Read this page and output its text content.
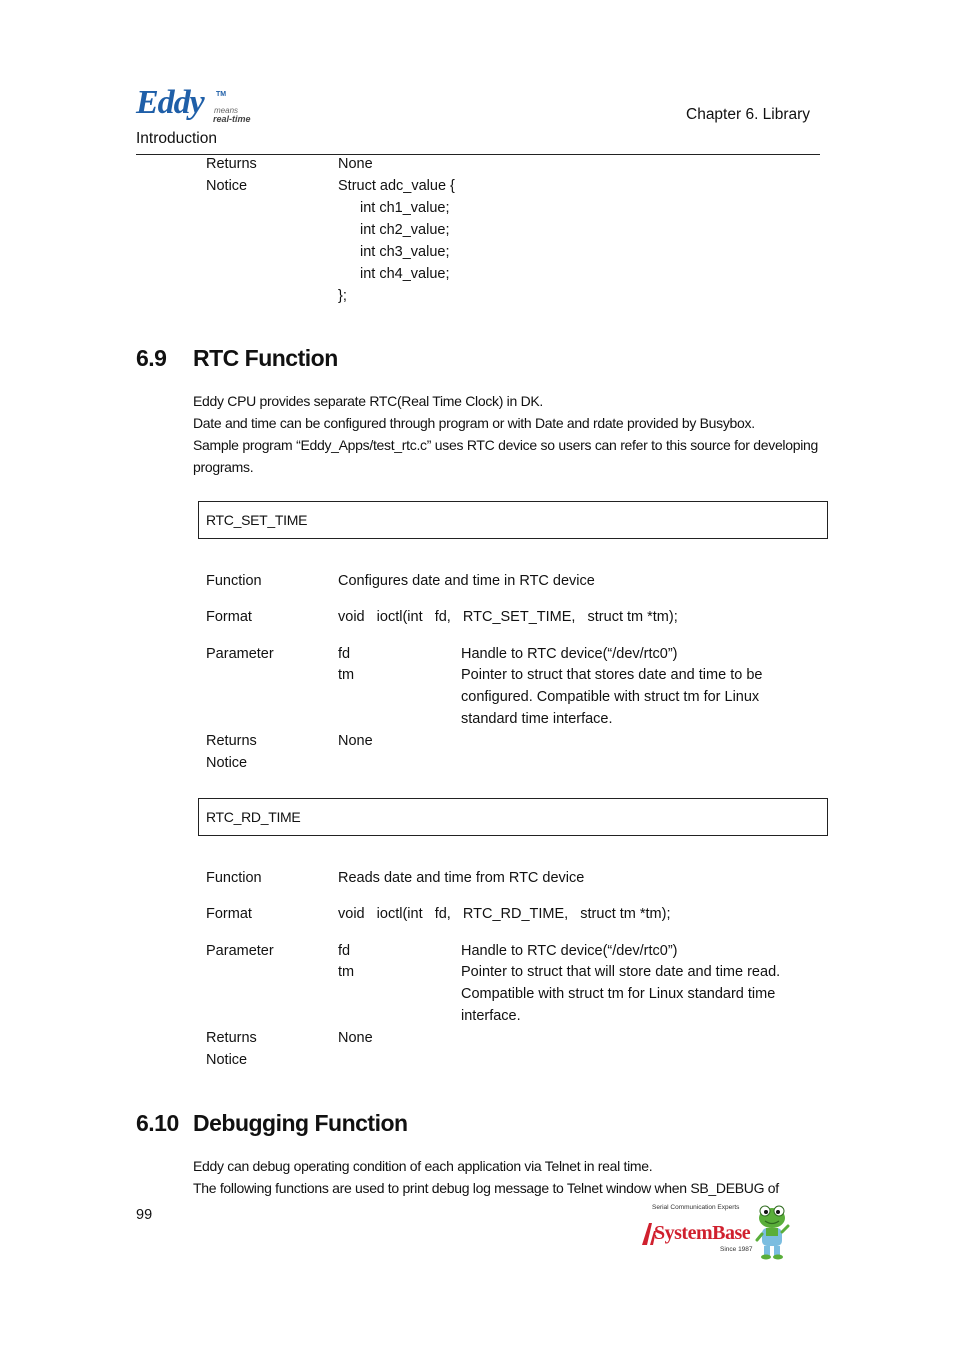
Eddy TM
means
real-time	Chapter 6. Library
Introduction
Returns	None
Notice	Struct adc_value {
int ch1_value;
int ch2_value;
int ch3_value;
int ch4_value;
};
6.9 RTC Function
Eddy CPU provides separate RTC(Real Time Clock) in DK.
Date and time can be configured through program or with Date and rdate provided by Busybox.
Sample program “Eddy_Apps/test_rtc.c” uses RTC device so users can refer to this source for developing programs.
RTC_SET_TIME
Function	Configures date and time in RTC device
Format	void   ioctl(int   fd,   RTC_SET_TIME,   struct tm *tm);
Parameter	fd	Handle to RTC device(“/dev/rtc0”)
tm	Pointer to struct that stores date and time to be
configured. Compatible with struct tm for Linux
standard time interface.
Returns	None
Notice
RTC_RD_TIME
Function	Reads date and time from RTC device
Format	void   ioctl(int   fd,   RTC_RD_TIME,   struct tm *tm);
Parameter	fd	Handle to RTC device(“/dev/rtc0”)
tm	Pointer to struct that will store date and time read.
Compatible with struct tm for Linux standard time
interface.
Returns	None
Notice
6.10 Debugging Function
Eddy can debug operating condition of each application via Telnet in real time.
The following functions are used to print debug log message to Telnet window when SB_DEBUG of
99	Serial Communication Experts
SystemBase
Since 1987
